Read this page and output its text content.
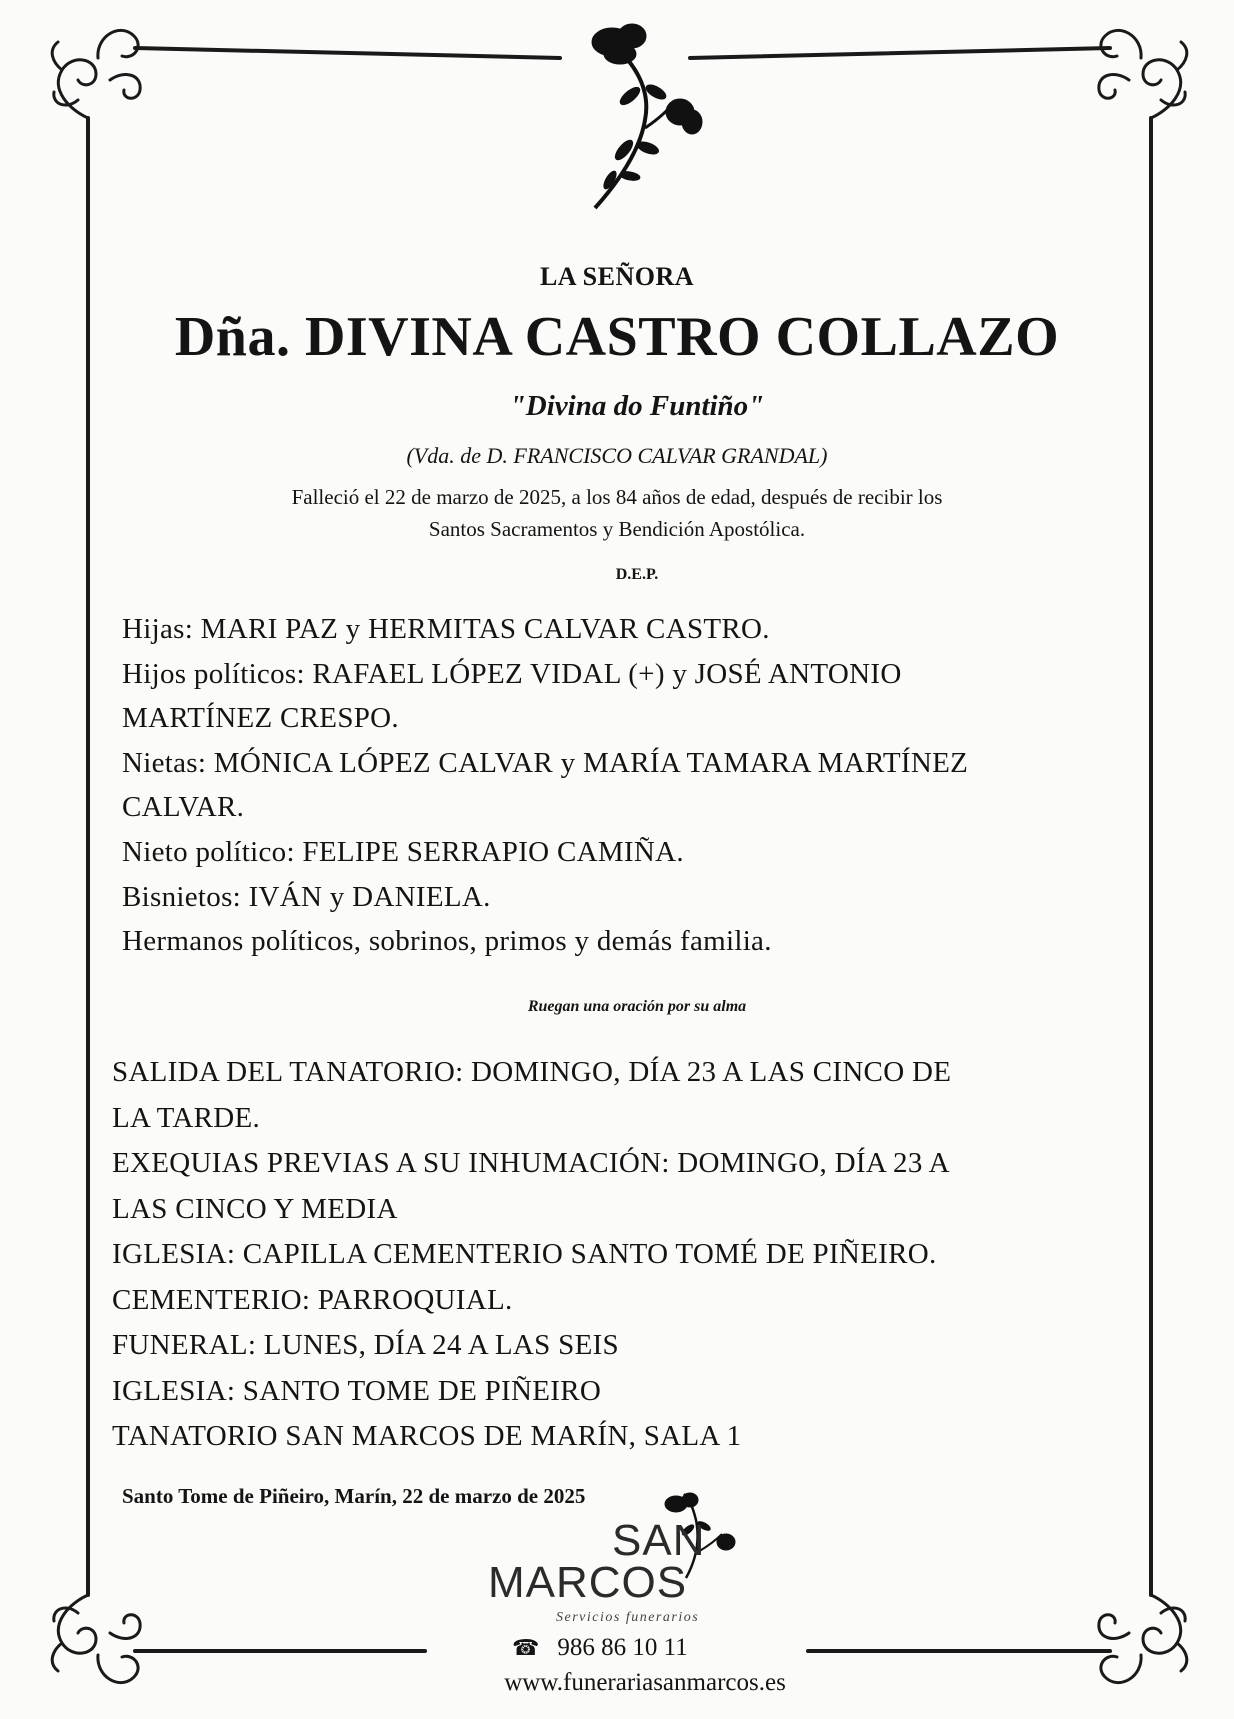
LA SEÑORA
Dña. DIVINA CASTRO COLLAZO
"Divina do Funtiño"
(Vda. de D. FRANCISCO CALVAR GRANDAL)
Falleció el 22 de marzo de 2025, a los 84 años de edad, después de recibir los
Santos Sacramentos y Bendición Apostólica.
D.E.P.
Hijas: MARI PAZ y HERMITAS CALVAR CASTRO.
Hijos políticos: RAFAEL LÓPEZ VIDAL (+) y JOSÉ ANTONIO
MARTÍNEZ CRESPO.
Nietas: MÓNICA LÓPEZ CALVAR y MARÍA TAMARA MARTÍNEZ
CALVAR.
Nieto político: FELIPE SERRAPIO CAMIÑA.
Bisnietos: IVÁN y DANIELA.
Hermanos políticos, sobrinos, primos y demás familia.
Ruegan una oración por su alma
SALIDA DEL TANATORIO: DOMINGO, DÍA 23 A LAS CINCO DE
LA TARDE.
EXEQUIAS PREVIAS A SU INHUMACIÓN: DOMINGO, DÍA 23 A
LAS CINCO Y MEDIA
IGLESIA: CAPILLA CEMENTERIO SANTO TOMÉ DE PIÑEIRO.
CEMENTERIO: PARROQUIAL.
FUNERAL: LUNES, DÍA 24 A LAS SEIS
IGLESIA: SANTO TOME DE PIÑEIRO
TANATORIO SAN MARCOS DE MARÍN, SALA 1
Santo Tome de Piñeiro, Marín, 22 de marzo de 2025
SAN
MARCOS
Servicios funerarios
☎ 986 86 10 11
www.funerariasanmarcos.es
